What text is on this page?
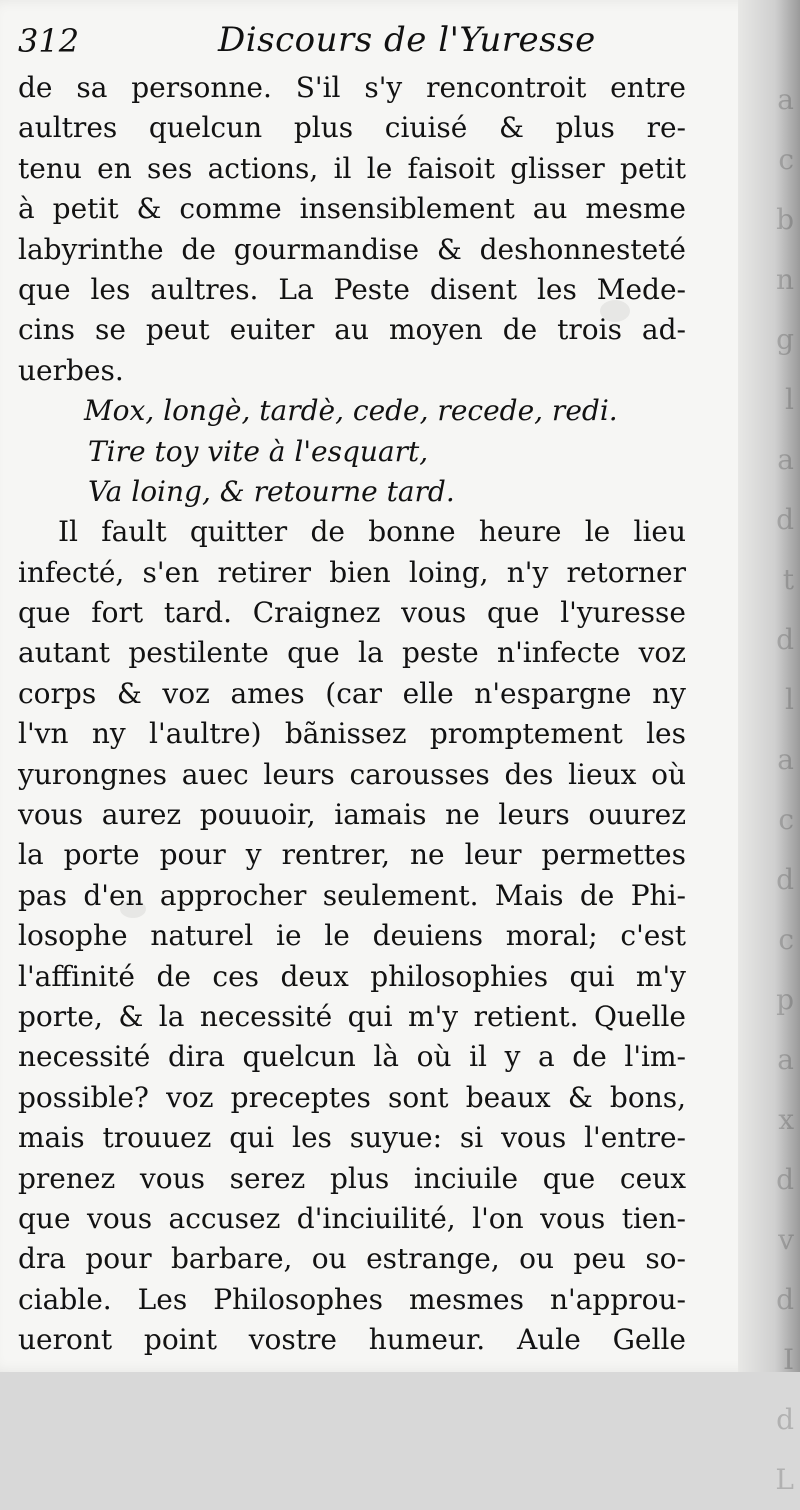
312	Discours de l'Yuresse
de sa personne. S'il s'y rencontroit entre
aultres quelcun plus ciuisé & plus re-
tenu en ses actions, il le faisoit glisser petit
à petit & comme insensiblement au mesme
labyrinthe de gourmandise & deshonnesteté
que les aultres. La Peste disent les Mede-
cins se peut euiter au moyen de trois ad-
uerbes.
Mox, longè, tardè, cede, recede, redi.
Tire toy vite à l'esquart,
Va loing, & retourne tard.
Il fault quitter de bonne heure le lieu
infecté, s'en retirer bien loing, n'y retorner
que fort tard. Craignez vous que l'yuresse
autant pestilente que la peste n'infecte voz
corps & voz ames (car elle n'espargne ny
l'vn ny l'aultre) bãnissez promptement les
yurongnes auec leurs carousses des lieux où
vous aurez pouuoir, iamais ne leurs ouurez
la porte pour y rentrer, ne leur permettes
pas d'en approcher seulement. Mais de Phi-
losophe naturel ie le deuiens moral; c'est
l'affinité de ces deux philosophies qui m'y
porte, & la necessité qui m'y retient. Quelle
necessité dira quelcun là où il y a de l'im-
possible? voz preceptes sont beaux & bons,
mais trouuez qui les suyue: si vous l'entre-
prenez vous serez plus inciuile que ceux
que vous accusez d'inciuilité, l'on vous tien-
dra pour barbare, ou estrange, ou peu so-
ciable. Les Philosophes mesmes n'approu-
ueront point vostre humeur. Aule Gelle
a
c
b
n
g
l
a
d
t
d
l
a
c
d
c
p
a
x
d
v
d
I
d
L
